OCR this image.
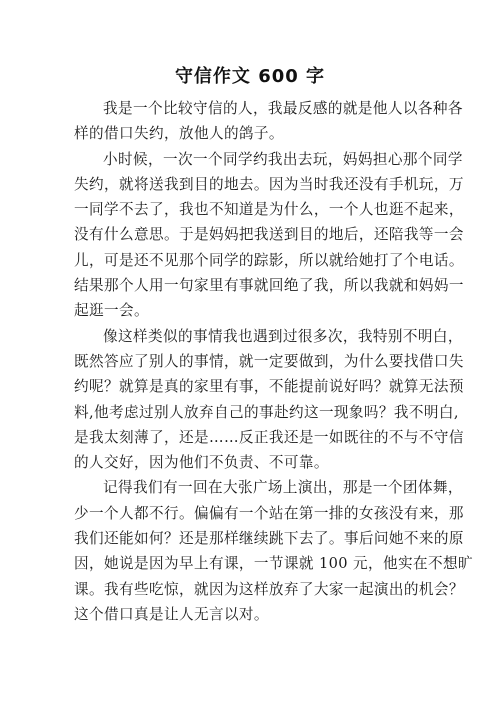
守信作文 600 字
我是一个比较守信的人，我最反感的就是他人以各种各
样的借口失约，放他人的鸽子。
小时候，一次一个同学约我出去玩，妈妈担心那个同学
失约，就将送我到目的地去。因为当时我还没有手机玩，万
一同学不去了，我也不知道是为什么，一个人也逛不起来，
没有什么意思。于是妈妈把我送到目的地后，还陪我等一会
儿，可是还不见那个同学的踪影，所以就给她打了个电话。
结果那个人用一句家里有事就回绝了我，所以我就和妈妈一
起逛一会。
像这样类似的事情我也遇到过很多次，我特别不明白，
既然答应了别人的事情，就一定要做到，为什么要找借口失
约呢？就算是真的家里有事，不能提前说好吗？就算无法预
料,他考虑过别人放弃自己的事赴约这一现象吗？我不明白,
是我太刻薄了，还是……反正我还是一如既往的不与不守信
的人交好，因为他们不负责、不可靠。
记得我们有一回在大张广场上演出，那是一个团体舞，
少一个人都不行。偏偏有一个站在第一排的女孩没有来，那
我们还能如何？还是那样继续跳下去了。事后问她不来的原
因，她说是因为早上有课，一节课就 100 元，他实在不想旷
课。我有些吃惊，就因为这样放弃了大家一起演出的机会？
这个借口真是让人无言以对。
